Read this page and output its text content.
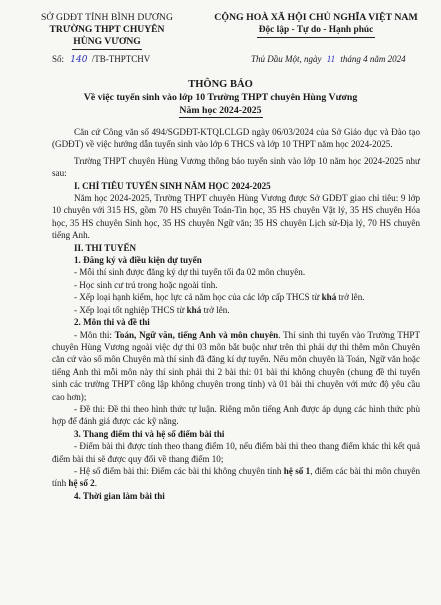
SỞ GDĐT TỈNH BÌNH DƯƠNG
TRƯỜNG THPT CHUYÊN
HÙNG VƯƠNG
CỘNG HOÀ XÃ HỘI CHỦ NGHĨA VIỆT NAM
Độc lập - Tự do - Hạnh phúc
Số: 140 /TB-THPTCHV	Thủ Dầu Một, ngày 11 tháng 4 năm 2024
THÔNG BÁO
Về việc tuyển sinh vào lớp 10 Trường THPT chuyên Hùng Vương
Năm học 2024-2025

Căn cứ Công văn số 494/SGDĐT-KTQLCLGD ngày 06/03/2024 của Sở Giáo dục và Đào tạo (GDĐT) về việc hướng dẫn tuyển sinh vào lớp 6 THCS và lớp 10 THPT năm học 2024-2025.

Trường THPT chuyên Hùng Vương thông báo tuyển sinh vào lớp 10 năm học 2024-2025 như sau:

I. CHỈ TIÊU TUYỂN SINH NĂM HỌC 2024-2025

Năm học 2024-2025, Trường THPT chuyên Hùng Vương được Sở GDĐT giao chỉ tiêu: 9 lớp 10 chuyên với 315 HS, gồm 70 HS chuyên Toán-Tin học, 35 HS chuyên Vật lý, 35 HS chuyên Hóa học, 35 HS chuyên Sinh học, 35 HS chuyên Ngữ văn; 35 HS chuyên Lịch sử-Địa lý, 70 HS chuyên tiếng Anh.

II. THI TUYỂN

1. Đăng ký và điều kiện dự tuyển

- Mỗi thí sinh được đăng ký dự thi tuyển tối đa 02 môn chuyên.

- Học sinh cư trú trong hoặc ngoài tỉnh.

- Xếp loại hạnh kiểm, học lực cả năm học của các lớp cấp THCS từ khá trở lên.

- Xếp loại tốt nghiệp THCS từ khá trở lên.

2. Môn thi và đề thi

- Môn thi: Toán, Ngữ văn, tiếng Anh và môn chuyên. Thí sinh thi tuyển vào Trường THPT chuyên Hùng Vương ngoài việc dự thi 03 môn bắt buộc như trên thì phải dự thi thêm môn Chuyên căn cứ vào số môn Chuyên mà thí sinh đã đăng kí dự tuyển. Nếu môn chuyên là Toán, Ngữ văn hoặc tiếng Anh thì mỗi môn này thí sinh phải thi 2 bài thi: 01 bài thi không chuyên (chung đề thi tuyển sinh các trường THPT công lập không chuyên trong tỉnh) và 01 bài thi chuyên với mức độ yêu cầu cao hơn);

- Đề thi: Đề thi theo hình thức tự luận. Riêng môn tiếng Anh được áp dụng các hình thức phù hợp để đánh giá được các kỹ năng.

3. Thang điểm thi và hệ số điểm bài thi

- Điểm bài thi được tính theo thang điểm 10, nếu điểm bài thi theo thang điểm khác thì kết quả điểm bài thi sẽ được quy đổi về thang điểm 10;

- Hệ số điểm bài thi: Điểm các bài thi không chuyên tính hệ số 1, điểm các bài thi môn chuyên tính hệ số 2.

4. Thời gian làm bài thi
